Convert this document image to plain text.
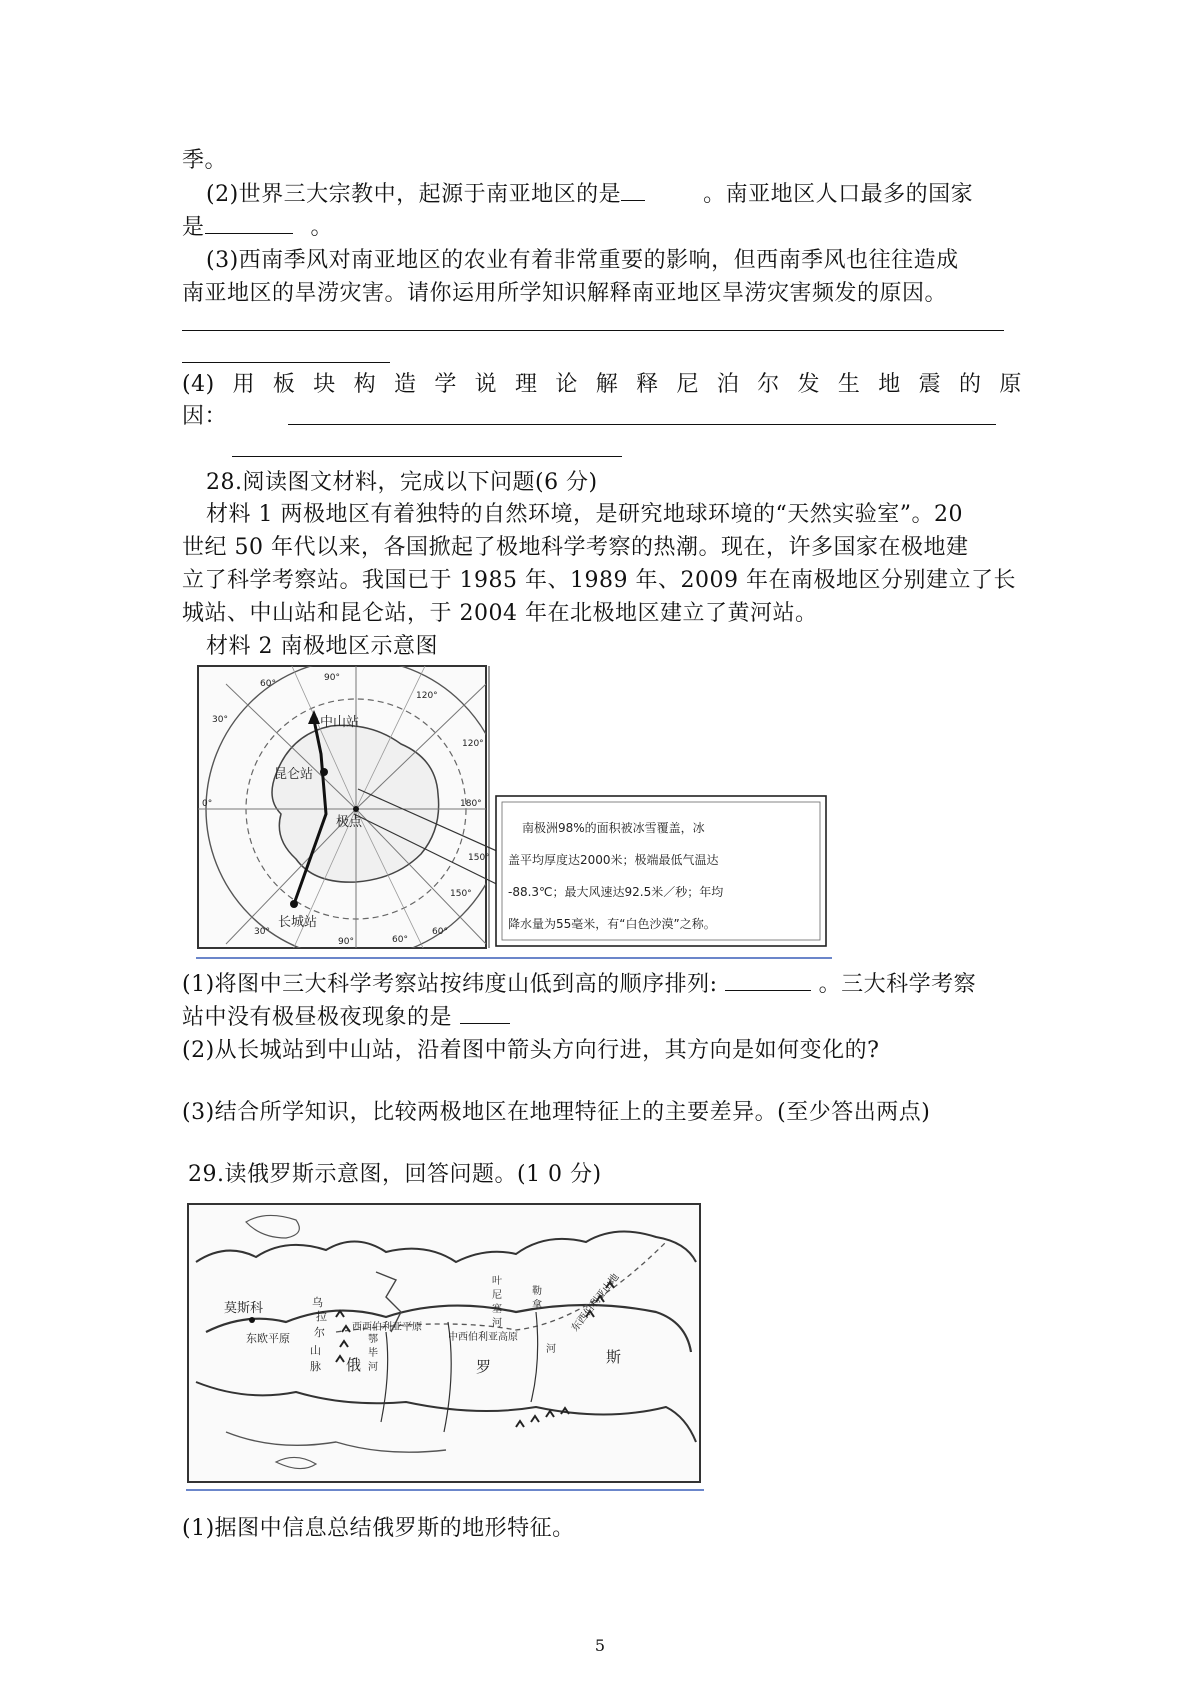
季。
(2)世界三大宗教中，起源于南亚地区的是	。南亚地区人口最多的国家
是	。
(3)西南季风对南亚地区的农业有着非常重要的影响，但西南季风也往往造成
南亚地区的旱涝灾害。请你运用所学知识解释南亚地区旱涝灾害频发的原因。
(4) 用 板 块 构 造 学 说 理 论 解 释 尼 泊 尔 发 生 地 震 的 原
因：
28.阅读图文材料，完成以下问题(6 分)
材料 1 两极地区有着独特的自然环境，是研究地球环境的“天然实验室”。20
世纪 50 年代以来，各国掀起了极地科学考察的热潮。现在，许多国家在极地建
立了科学考察站。我国已于 1985 年、1989 年、2009 年在南极地区分别建立了长
城站、中山站和昆仑站，于 2004 年在北极地区建立了黄河站。
材料 2 南极地区示意图
中山站
昆仑站
长城站
极点
90°
60°
120°
30°
150°
0°	180°
60°
90°
30°	60°
120°
150°
南极洲98%的面积被冰雪覆盖，冰
盖平均厚度达2000米；极端最低气温达
-88.3℃；最大风速达92.5米／秒；年均
降水量为55毫米，有“白色沙漠”之称。
(1)将图中三大科学考察站按纬度山低到高的顺序排列:	。三大科学考察
站中没有极昼极夜现象的是
(2)从长城站到中山站，沿着图中箭头方向行进，其方向是如何变化的?
(3)结合所学知识，比较两极地区在地理特征上的主要差异。(至少答出两点)
29.读俄罗斯示意图，回答问题。(1 0 分)
莫斯科
东欧平原
乌
拉
尔
山
脉
西西伯利亚平原
叶
尼
塞
河
中西伯利亚高原
勒
拿
河
东西伯利亚山地
俄	罗
斯
鄂
毕
河
(1)据图中信息总结俄罗斯的地形特征。
5
